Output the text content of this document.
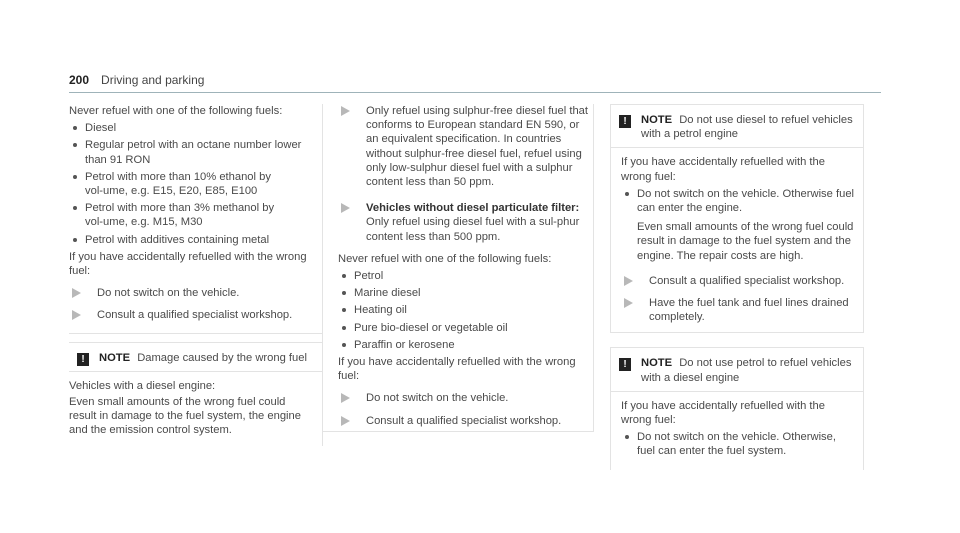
200 Driving and parking

Never refuel with one of the following fuels:

Diesel
Regular petrol with an octane number lower than 91 RON
Petrol with more than 10% ethanol by vol‑ume, e.g. E15, E20, E85, E100
Petrol with more than 3% methanol by vol‑ume, e.g. M15, M30
Petrol with additives containing metal

If you have accidentally refuelled with the wrong fuel:

Do not switch on the vehicle.
Consult a qualified specialist workshop.
!	NOTE Damage caused by the wrong fuel

Vehicles with a diesel engine:

Even small amounts of the wrong fuel could result in damage to the fuel system, the engine and the emission control system.

Only refuel using sulphur-free diesel fuel that conforms to European standard EN 590, or an equivalent specification. In countries without sulphur-free diesel fuel, refuel using only low-sulphur diesel fuel with a sulphur content less than 50 ppm.
Vehicles without diesel particulate filter:
Only refuel using diesel fuel with a sul‑phur content less than 500 ppm.

Never refuel with one of the following fuels:

Petrol
Marine diesel
Heating oil
Pure bio-diesel or vegetable oil
Paraffin or kerosene

If you have accidentally refuelled with the wrong fuel:

Do not switch on the vehicle.
Consult a qualified specialist workshop.
!	NOTE Do not use diesel to refuel vehicles with a petrol engine

If you have accidentally refuelled with the wrong fuel:

Do not switch on the vehicle. Otherwise fuel can enter the engine.
Even small amounts of the wrong fuel could result in damage to the fuel system and the engine. The repair costs are high.
Consult a qualified specialist workshop.
Have the fuel tank and fuel lines drained completely.
!	NOTE Do not use petrol to refuel vehicles with a diesel engine

If you have accidentally refuelled with the wrong fuel:

Do not switch on the vehicle. Otherwise, fuel can enter the fuel system.
